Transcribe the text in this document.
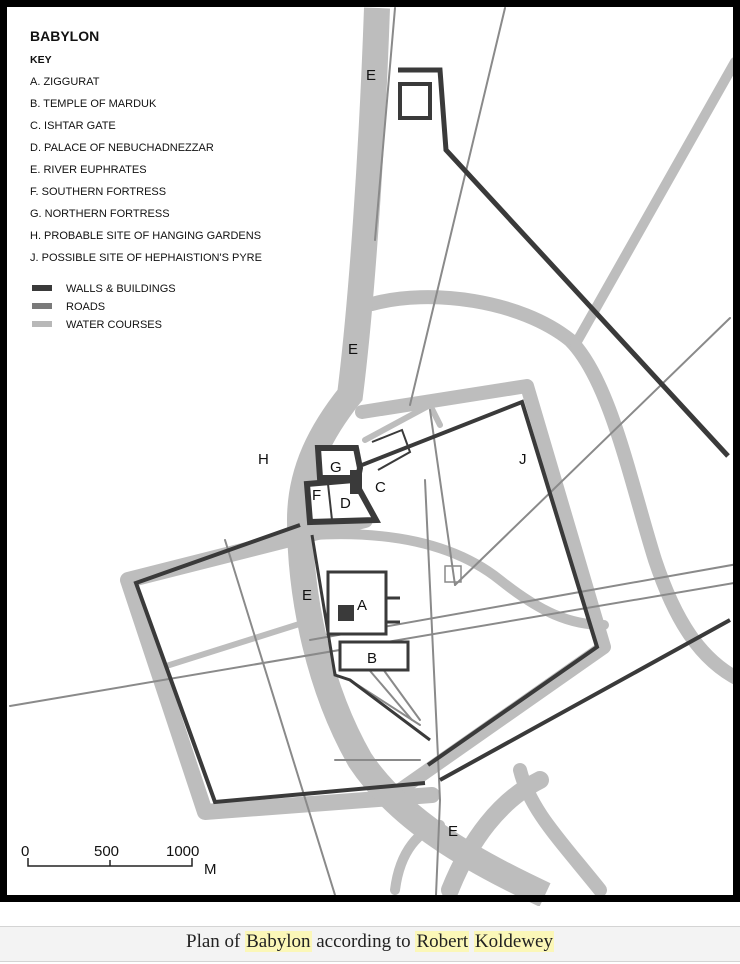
E
E
E
E
H	G
C
F D
J
A
B
BABYLON
KEY
A. ZIGGURAT
B. TEMPLE OF MARDUK
C. ISHTAR GATE
D. PALACE OF NEBUCHADNEZZAR
E. RIVER EUPHRATES
F. SOUTHERN FORTRESS
G. NORTHERN FORTRESS
H. PROBABLE SITE OF HANGING GARDENS
J. POSSIBLE SITE OF HEPHAISTION'S PYRE
WALLS & BUILDINGS
ROADS
WATER COURSES
0	500	1000
M
Plan of Babylon according to Robert Koldewey
